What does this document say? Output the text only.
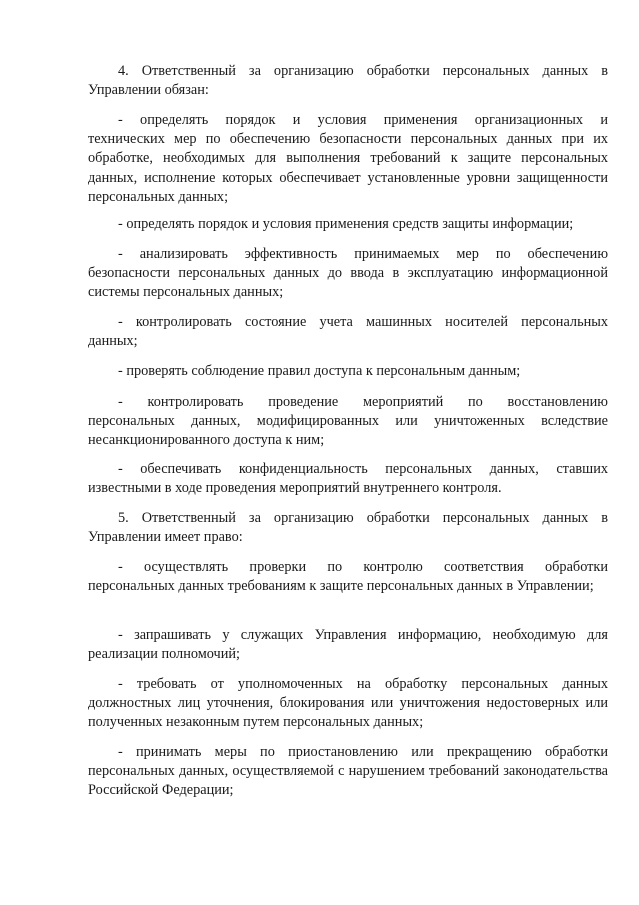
4. Ответственный за организацию обработки персональных данных в
Управлении обязан:

- определять порядок и условия применения организационных и
технических мер по обеспечению безопасности персональных данных при их обработке, необходимых для выполнения требований к защите персональных данных, исполнение которых обеспечивает установленные уровни защищенности персональных данных;

- определять порядок и условия применения средств защиты информации;

- анализировать эффективность принимаемых мер по обеспечению
безопасности персональных данных до ввода в эксплуатацию информационной системы персональных данных;

- контролировать состояние учета машинных носителей персональных
данных;

- проверять соблюдение правил доступа к персональным данным;

- контролировать проведение мероприятий по восстановлению
персональных данных, модифицированных или уничтоженных вследствие несанкционированного доступа к ним;

- обеспечивать конфиденциальность персональных данных, ставших
известными в ходе проведения мероприятий внутреннего контроля.

5. Ответственный за организацию обработки персональных данных в
Управлении имеет право:

- осуществлять проверки по контролю соответствия обработки
персональных данных требованиям к защите персональных данных в Управлении;

- запрашивать у служащих Управления информацию, необходимую для
реализации полномочий;

- требовать от уполномоченных на обработку персональных данных
должностных лиц уточнения, блокирования или уничтожения недостоверных или полученных незаконным путем персональных данных;

- принимать меры по приостановлению или прекращению обработки
персональных данных, осуществляемой с нарушением требований законодательства Российской Федерации;
